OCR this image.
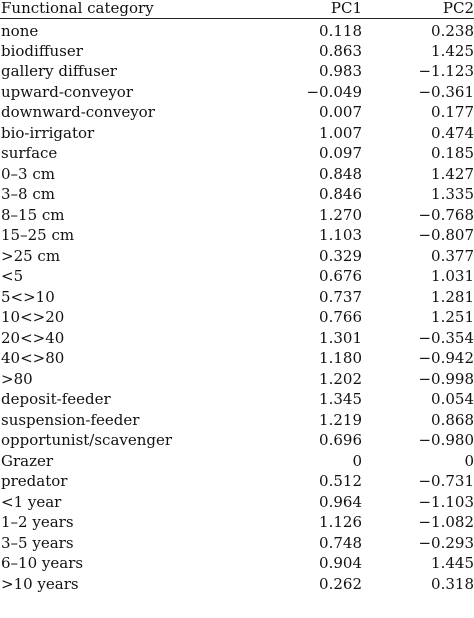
Functional category	PC1	PC2
none	0.118	0.238
biodiffuser	0.863	1.425
gallery diffuser	0.983	−1.123
upward-conveyor	−0.049	−0.361
downward-conveyor	0.007	0.177
bio-irrigator	1.007	0.474
surface	0.097	0.185
0–3 cm	0.848	1.427
3–8 cm	0.846	1.335
8–15 cm	1.270	−0.768
15–25 cm	1.103	−0.807
>25 cm	0.329	0.377
<5	0.676	1.031
5<>10	0.737	1.281
10<>20	0.766	1.251
20<>40	1.301	−0.354
40<>80	1.180	−0.942
>80	1.202	−0.998
deposit-feeder	1.345	0.054
suspension-feeder	1.219	0.868
opportunist/scavenger	0.696	−0.980
Grazer	0	0
predator	0.512	−0.731
<1 year	0.964	−1.103
1–2 years	1.126	−1.082
3–5 years	0.748	−0.293
6–10 years	0.904	1.445
>10 years	0.262	0.318
